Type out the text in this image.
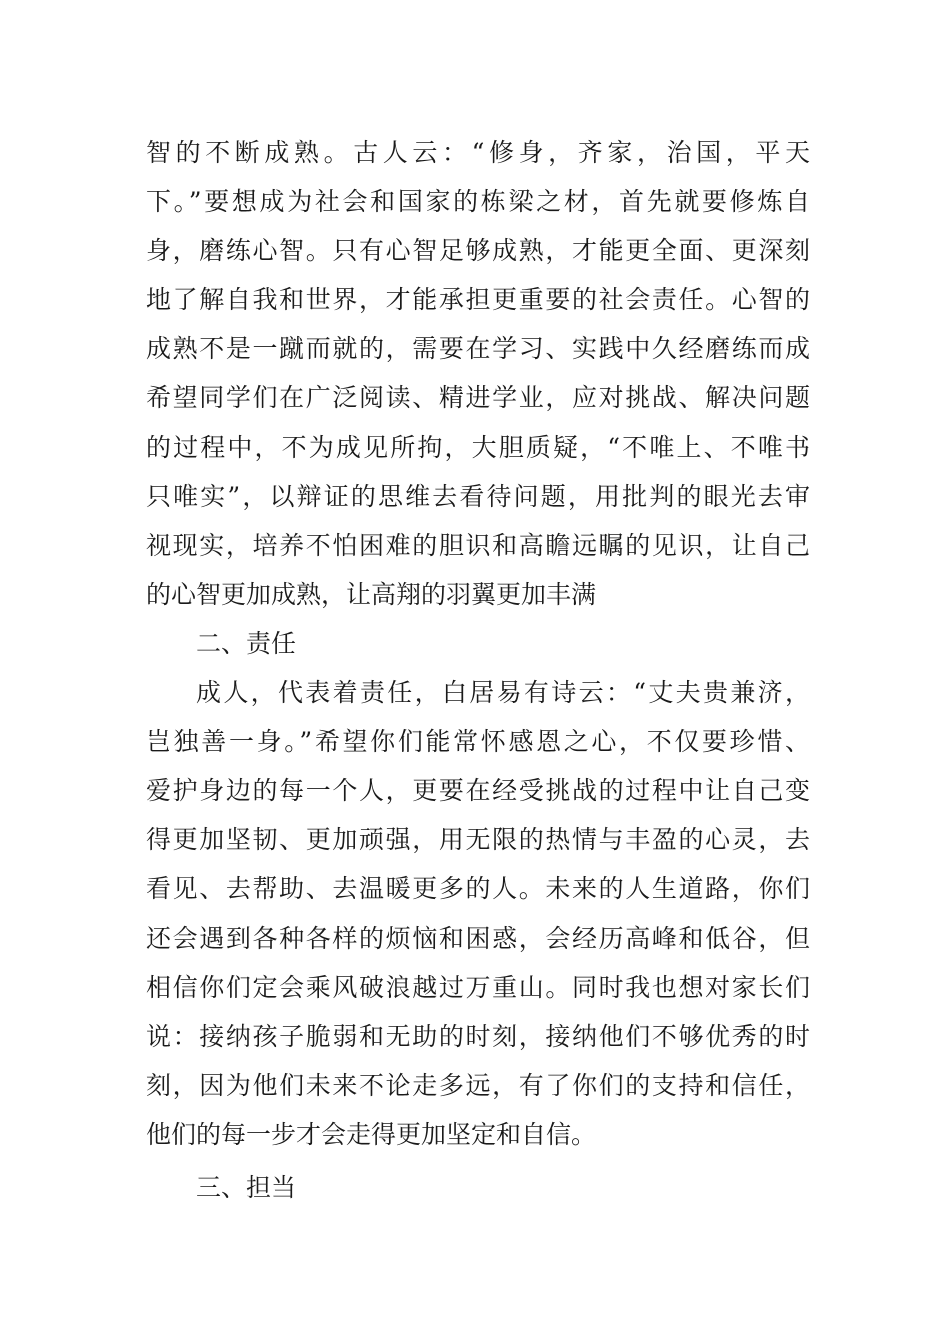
智的不断成熟。古人云：“修身，齐家，治国，平天
下。”要想成为社会和国家的栋梁之材，首先就要修炼自
身，磨练心智。只有心智足够成熟，才能更全面、更深刻
地了解自我和世界，才能承担更重要的社会责任。心智的
成熟不是一蹴而就的，需要在学习、实践中久经磨练而成
希望同学们在广泛阅读、精进学业，应对挑战、解决问题
的过程中，不为成见所拘，大胆质疑，“不唯上、不唯书
只唯实”，以辩证的思维去看待问题，用批判的眼光去审
视现实，培养不怕困难的胆识和高瞻远瞩的见识，让自己
的心智更加成熟，让高翔的羽翼更加丰满
二、责任
成人，代表着责任，白居易有诗云：“丈夫贵兼济，
岂独善一身。”希望你们能常怀感恩之心，不仅要珍惜、
爱护身边的每一个人，更要在经受挑战的过程中让自己变
得更加坚韧、更加顽强，用无限的热情与丰盈的心灵，去
看见、去帮助、去温暖更多的人。未来的人生道路，你们
还会遇到各种各样的烦恼和困惑，会经历高峰和低谷，但
相信你们定会乘风破浪越过万重山。同时我也想对家长们
说：接纳孩子脆弱和无助的时刻，接纳他们不够优秀的时
刻，因为他们未来不论走多远，有了你们的支持和信任，
他们的每一步才会走得更加坚定和自信。
三、担当
